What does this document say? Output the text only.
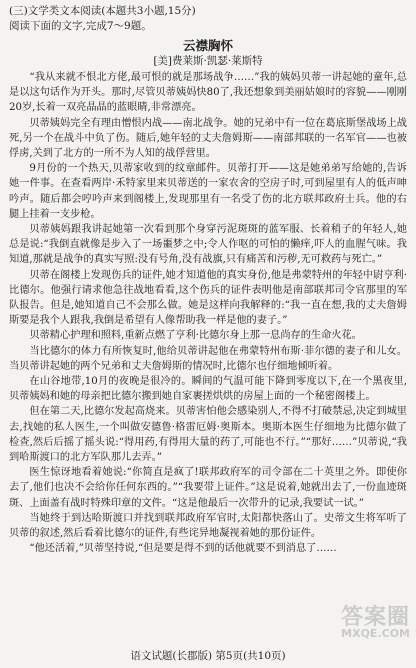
(三)文学类文本阅读(本题共3小题,15分)

阅读下面的文字,完成7～9题。

云襟胸怀

[美]费莱斯·凯瑟·莱斯特

“我从来就不恨北方佬,最可恨的就是那场战争……”我的姨妈贝蒂一讲起她的童年,总是以这句话作为开头。那时,尽管贝蒂姨妈快80了,我还想象到美丽姑娘时的容貌——刚刚20岁,长着一双亮晶晶的蓝眼睛,非常漂亮。

贝蒂姨妈完全有理由憎恨内战——南北战争。她的兄弟中有一位在葛底斯堡战场上战死,另一个在战斗中负了伤。随后,她年轻的丈夫詹姆斯——南部邦联的一名军官——也被俘虏,关到了北方的一所不为人知的战俘营里。

9月份的一个热天,贝蒂家收到的纹章邮件。贝蒂打开——这是她弟弟写给她的,告诉她一件事。在查看两岸·禾特家里来贝蒂送的一家农舍的空房子时,可到屋里有人的低声呻吟声。随后都会哼吟声来到阁楼上,发现那里有一名受了伤的北方联邦政府士兵。他的右腿上挂着一支步枪。

贝蒂姨妈跟我讲起她第一次看到那个身穿污泥斑斑的蓝军服、长着稍子的年轻人,她总是说:“我倒直就像是步入了一场噩梦之中;令人作呕的可怕的懒痒,吓人的血腥气味。我知道,那就是战争的真实写照:没有号角,没有战旗,只有痛苦和污秽,无可救药与死亡。”

贝蒂在阁楼上发现伤兵的证件,她才知道他的真实身份,他是弗蒙特州的年轻中尉亨利·比德尔。他强行请求他急往战地看看,这个伤兵的证件表明他是南部联邦司令官那里的军队报告。但是,她知道自己不会那么做。她是这样向我解释的:“我一直在想,我的丈夫詹姆斯要是我个人跟我,我倒是希望有人像帮助我一样是他的妻子。”

贝蒂精心护理和照料,重新点燃了亨利·比德尔身上那一息尚存的生命火花。

当比德尔的体力有所恢复时,他给贝蒂讲起他在弗蒙特州布斯·菲尔德的妻子和儿女。当贝蒂讲起她的两个兄弟和丈夫詹姆斯的情况时,比德尔也仔细地倾听着。

在山谷地带,10月的夜晚是很冷的。瞬间的气温可能下降到零度以下,在一个黑夜里,贝蒂姨妈和她的母亲把比德尔搬到她自家裹搓烘烘的房屋上面的一个秘密阁楼上。

但在第二天,比德尔发起高烧来。贝蒂害怕他会感染别人,不得不打破禁忌,决定到城里去,找她的私人医生,一个叫做安德鲁·格雷厄姆·奥斯本。奥斯本医生仔细地为比德尔做了检查,然后后摇了摇头说:“得用药,有得用大量的药了,可能也不行。”“那好……”贝蒂说,“我到哈斯渡口的北方军队那儿去弄。”

医生惊讶地看着她说:“你简直是疯了!联邦政府军的司令部在二十英里之外。即使你去了,他们也决不会给你任何东西的。”“我要带上证件。”这是说着,她就出去了,一份血迹斑斑、上面盖有战时特殊印章的文件。“这是他最后一次带升的记录,我要试一试。”

当她终于到达哈斯渡口并找到联邦政府军官时,太阳都快落山了。史蒂文生将军听了贝蒂的叙述,然后看着比德尔的证件,有些诧异地凝视着她的那份证件。

“他还活着,”贝蒂坚持说,“但是要是得不到的话他就要不到消息了……

语文试题(长郡版) 第5页(共10页)
答案圈
MXQE.COM
